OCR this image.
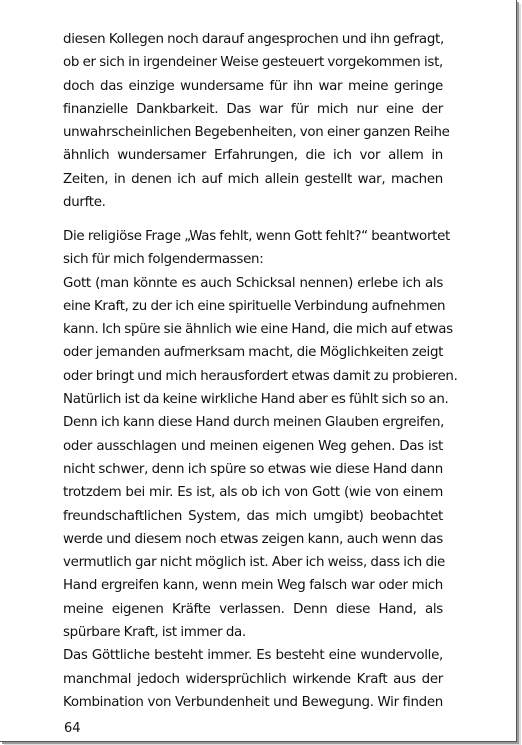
diesen Kollegen noch darauf angesprochen und ihn gefragt,
ob er sich in irgendeiner Weise gesteuert vorgekommen ist,
doch das einzige wundersame für ihn war meine geringe
finanzielle Dankbarkeit. Das war für mich nur eine der
unwahrscheinlichen Begebenheiten, von einer ganzen Reihe
ähnlich wundersamer Erfahrungen, die ich vor allem in
Zeiten, in denen ich auf mich allein gestellt war, machen
durfte.
Die religiöse Frage „Was fehlt, wenn Gott fehlt?“ beantwortet
sich für mich folgendermassen:
Gott (man könnte es auch Schicksal nennen) erlebe ich als
eine Kraft, zu der ich eine spirituelle Verbindung aufnehmen
kann. Ich spüre sie ähnlich wie eine Hand, die mich auf etwas
oder jemanden aufmerksam macht, die Möglichkeiten zeigt
oder bringt und mich herausfordert etwas damit zu probieren.
Natürlich ist da keine wirkliche Hand aber es fühlt sich so an.
Denn ich kann diese Hand durch meinen Glauben ergreifen,
oder ausschlagen und meinen eigenen Weg gehen. Das ist
nicht schwer, denn ich spüre so etwas wie diese Hand dann
trotzdem bei mir. Es ist, als ob ich von Gott (wie von einem
freundschaftlichen System, das mich umgibt) beobachtet
werde und diesem noch etwas zeigen kann, auch wenn das
vermutlich gar nicht möglich ist. Aber ich weiss, dass ich die
Hand ergreifen kann, wenn mein Weg falsch war oder mich
meine eigenen Kräfte verlassen. Denn diese Hand, als
spürbare Kraft, ist immer da.
Das Göttliche besteht immer. Es besteht eine wundervolle,
manchmal jedoch widersprüchlich wirkende Kraft aus der
Kombination von Verbundenheit und Bewegung. Wir finden
64
